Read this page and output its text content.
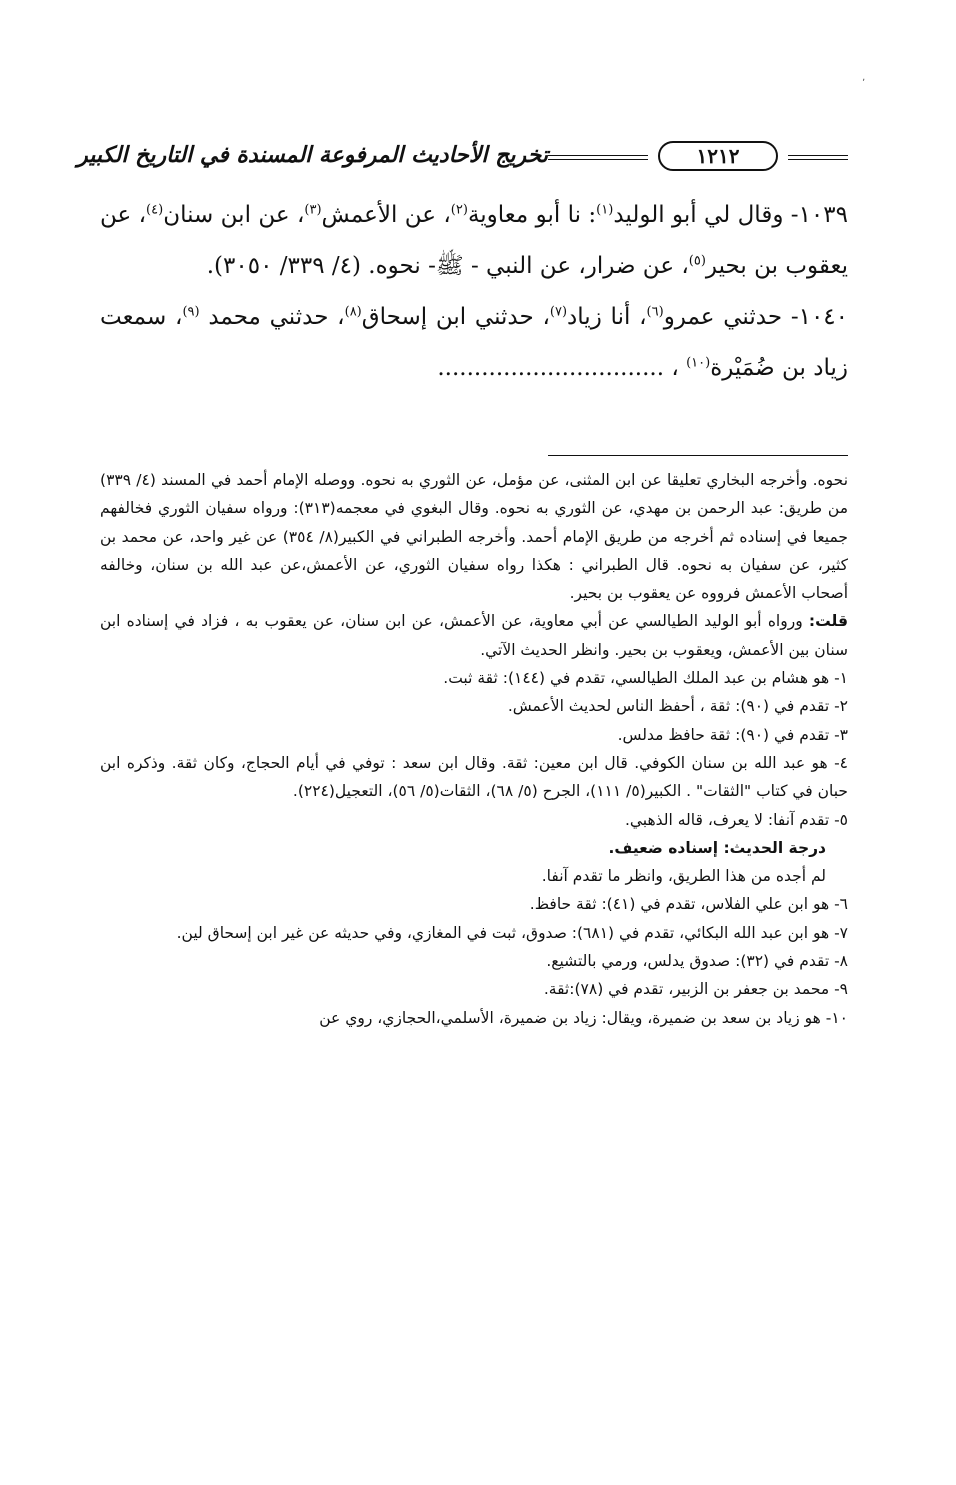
ʼ
١٢١٢
تخريج الأحاديث المرفوعة المسندة في التاريخ الكبير

١٠٣٩- وقال لي أبو الوليد$^{(١)}$: نا أبو معاوية$^{(٢)}$، عن الأعمش$^{(٣)}$، عن ابن سنان$^{(٤)}$، عن يعقوب بن بحير$^{(٥)}$، عن ضرار، عن النبي - ﷺ- نحوه. (٤/ ٣٣٩/ ٣٠٥٠).

١٠٤٠- حدثني عمرو$^{(٦)}$، أنا زياد$^{(٧)}$، حدثني ابن إسحاق$^{(٨)}$، حدثني محمد $^{(٩)}$، سمعت زياد بن ضُمَيْرة$^{(١٠)}$ ، ...............................

نحوه. وأخرجه البخاري تعليقا عن ابن المثنى، عن مؤمل، عن الثوري به نحوه. ووصله الإمام أحمد في المسند (٤/ ٣٣٩) من طريق: عبد الرحمن بن مهدي، عن الثوري به نحوه. وقال البغوي في معجمه(٣١٣): ورواه سفيان الثوري فخالفهم جميعا في إسناده ثم أخرجه من طريق الإمام أحمد. وأخرجه الطبراني في الكبير(٨/ ٣٥٤) عن غير واحد، عن محمد بن كثير، عن سفيان به نحوه. قال الطبراني : هكذا رواه سفيان الثوري، عن الأعمش،عن عبد الله بن سنان، وخالفه أصحاب الأعمش فرووه عن يعقوب بن بحير.

قلت: ورواه أبو الوليد الطيالسي عن أبي معاوية، عن الأعمش، عن ابن سنان، عن يعقوب به ، فزاد في إسناده ابن سنان بين الأعمش، ويعقوب بن بحير. وانظر الحديث الآتي.

١- هو هشام بن عبد الملك الطيالسي، تقدم في (١٤٤): ثقة ثبت.

٢- تقدم في (٩٠): ثقة ، أحفظ الناس لحديث الأعمش.

٣- تقدم في (٩٠): ثقة حافظ مدلس.

٤- هو عبد الله بن سنان الكوفي. قال ابن معين: ثقة. وقال ابن سعد : توفي في أيام الحجاج، وكان ثقة. وذكره ابن حبان في كتاب "الثقات" . الكبير(٥/ ١١١)، الجرح (٥/ ٦٨)، الثقات(٥/ ٥٦)، التعجيل(٢٢٤).

٥- تقدم آنفا: لا يعرف، قاله الذهبي.

درجة الحديث: إسناده ضعيف.

لم أجده من هذا الطريق، وانظر ما تقدم آنفا.

٦- هو ابن علي الفلاس، تقدم في (٤١): ثقة حافظ.

٧- هو ابن عبد الله البكائي، تقدم في (٦٨١): صدوق، ثبت في المغازي، وفي حديثه عن غير ابن إسحاق لين.

٨- تقدم في (٣٢): صدوق يدلس، ورمي بالتشيع.

٩- محمد بن جعفر بن الزبير، تقدم في (٧٨):ثقة.

١٠- هو زياد بن سعد بن ضميرة، ويقال: زياد بن ضميرة، الأسلمي،الحجازي، روي عن
